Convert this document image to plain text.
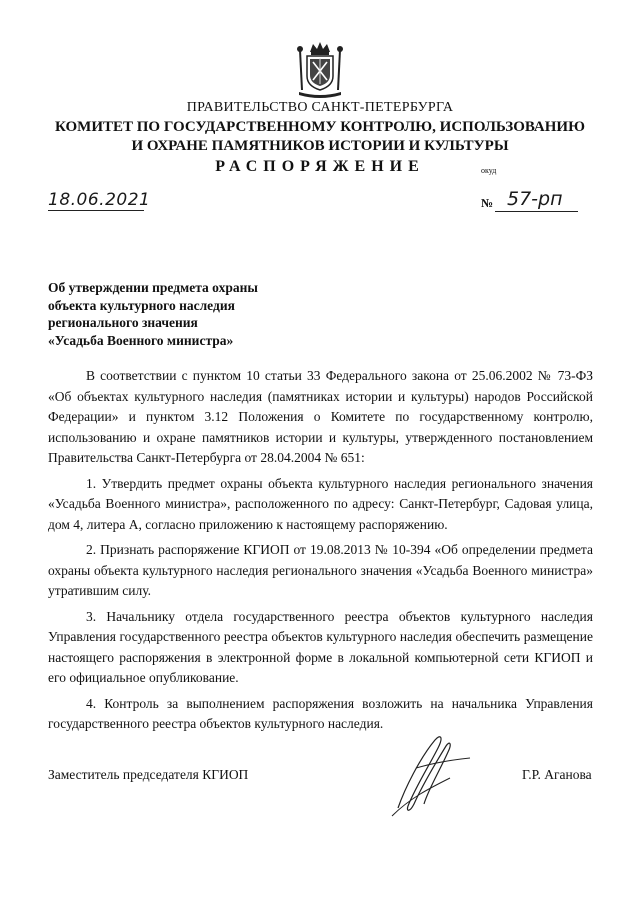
ПРАВИТЕЛЬСТВО САНКТ-ПЕТЕРБУРГА
КОМИТЕТ ПО ГОСУДАРСТВЕННОМУ КОНТРОЛЮ, ИСПОЛЬЗОВАНИЮ
И ОХРАНЕ ПАМЯТНИКОВ ИСТОРИИ И КУЛЬТУРЫ
РАСПОРЯЖЕНИЕ	окуд
18.06.2021	№ 57-рп
Об утверждении предмета охраны
объекта культурного наследия
регионального значения
«Усадьба Военного министра»

В соответствии с пунктом 10 статьи 33 Федерального закона от 25.06.2002 № 73-ФЗ «Об объектах культурного наследия (памятниках истории и культуры) народов Российской Федерации» и пунктом 3.12 Положения о Комитете по государственному контролю, использованию и охране памятников истории и культуры, утвержденного постановлением Правительства Санкт-Петербурга от 28.04.2004 № 651:

1. Утвердить предмет охраны объекта культурного наследия регионального значения «Усадьба Военного министра», расположенного по адресу: Санкт-Петербург, Садовая улица, дом 4, литера А, согласно приложению к настоящему распоряжению.

2. Признать распоряжение КГИОП от 19.08.2013 № 10-394 «Об определении предмета охраны объекта культурного наследия регионального значения «Усадьба Военного министра» утратившим силу.

3. Начальнику отдела государственного реестра объектов культурного наследия Управления государственного реестра объектов культурного наследия обеспечить размещение настоящего распоряжения в электронной форме в локальной компьютерной сети КГИОП и его официальное опубликование.

4. Контроль за выполнением распоряжения возложить на начальника Управления государственного реестра объектов культурного наследия.

Заместитель председателя КГИОП	Г.Р. Аганова
